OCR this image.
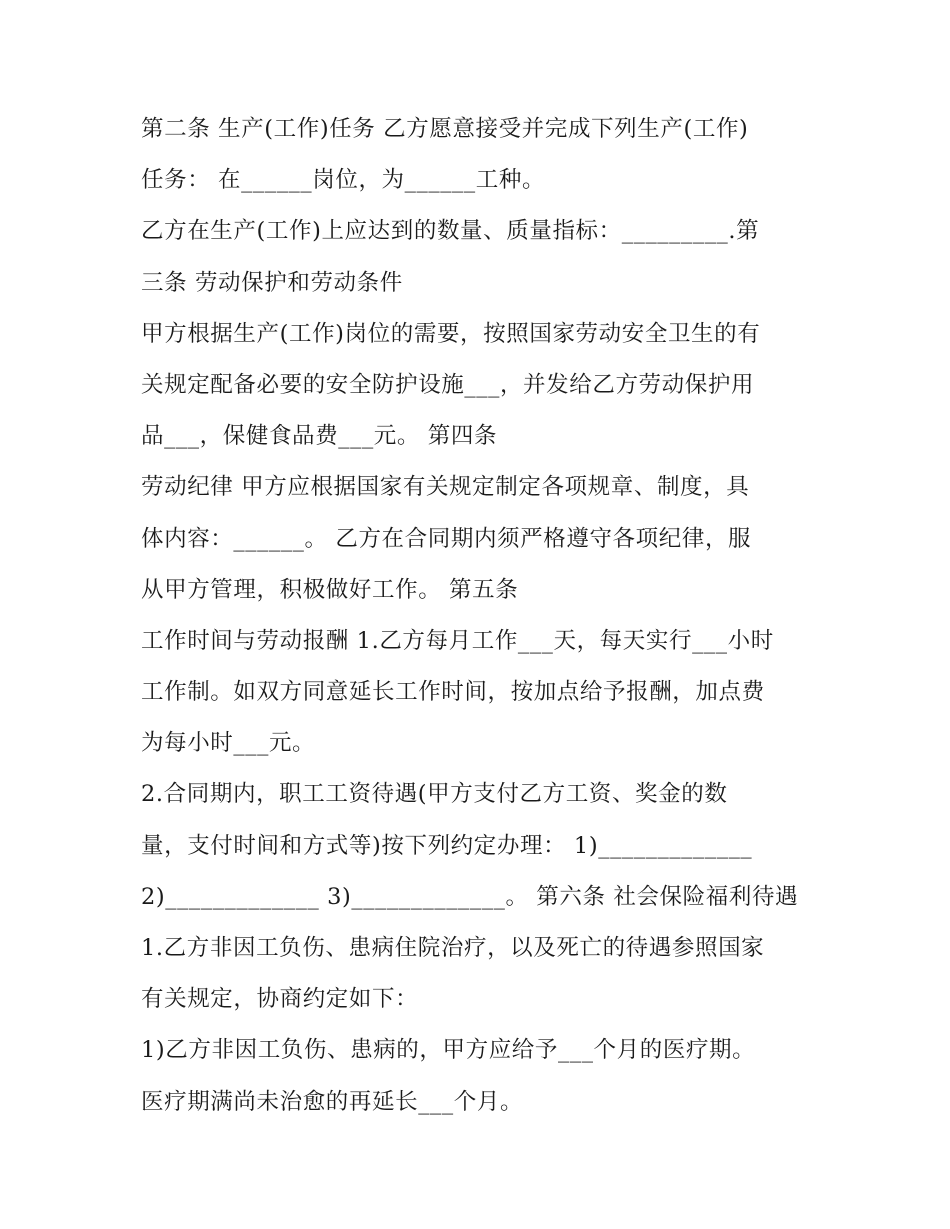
第二条 生产(工作)任务 乙方愿意接受并完成下列生产(工作)
任务： 在______岗位，为______工种。
乙方在生产(工作)上应达到的数量、质量指标：_________.第
三条 劳动保护和劳动条件
甲方根据生产(工作)岗位的需要，按照国家劳动安全卫生的有
关规定配备必要的安全防护设施___，并发给乙方劳动保护用
品___，保健食品费___元。 第四条
劳动纪律 甲方应根据国家有关规定制定各项规章、制度，具
体内容：______。 乙方在合同期内须严格遵守各项纪律，服
从甲方管理，积极做好工作。 第五条
工作时间与劳动报酬 1.乙方每月工作___天，每天实行___小时
工作制。如双方同意延长工作时间，按加点给予报酬，加点费
为每小时___元。
2.合同期内，职工工资待遇(甲方支付乙方工资、奖金的数
量，支付时间和方式等)按下列约定办理： 1)_____________
2)_____________ 3)_____________。 第六条 社会保险福利待遇
1.乙方非因工负伤、患病住院治疗，以及死亡的待遇参照国家
有关规定，协商约定如下：
1)乙方非因工负伤、患病的，甲方应给予___个月的医疗期。
医疗期满尚未治愈的再延长___个月。
